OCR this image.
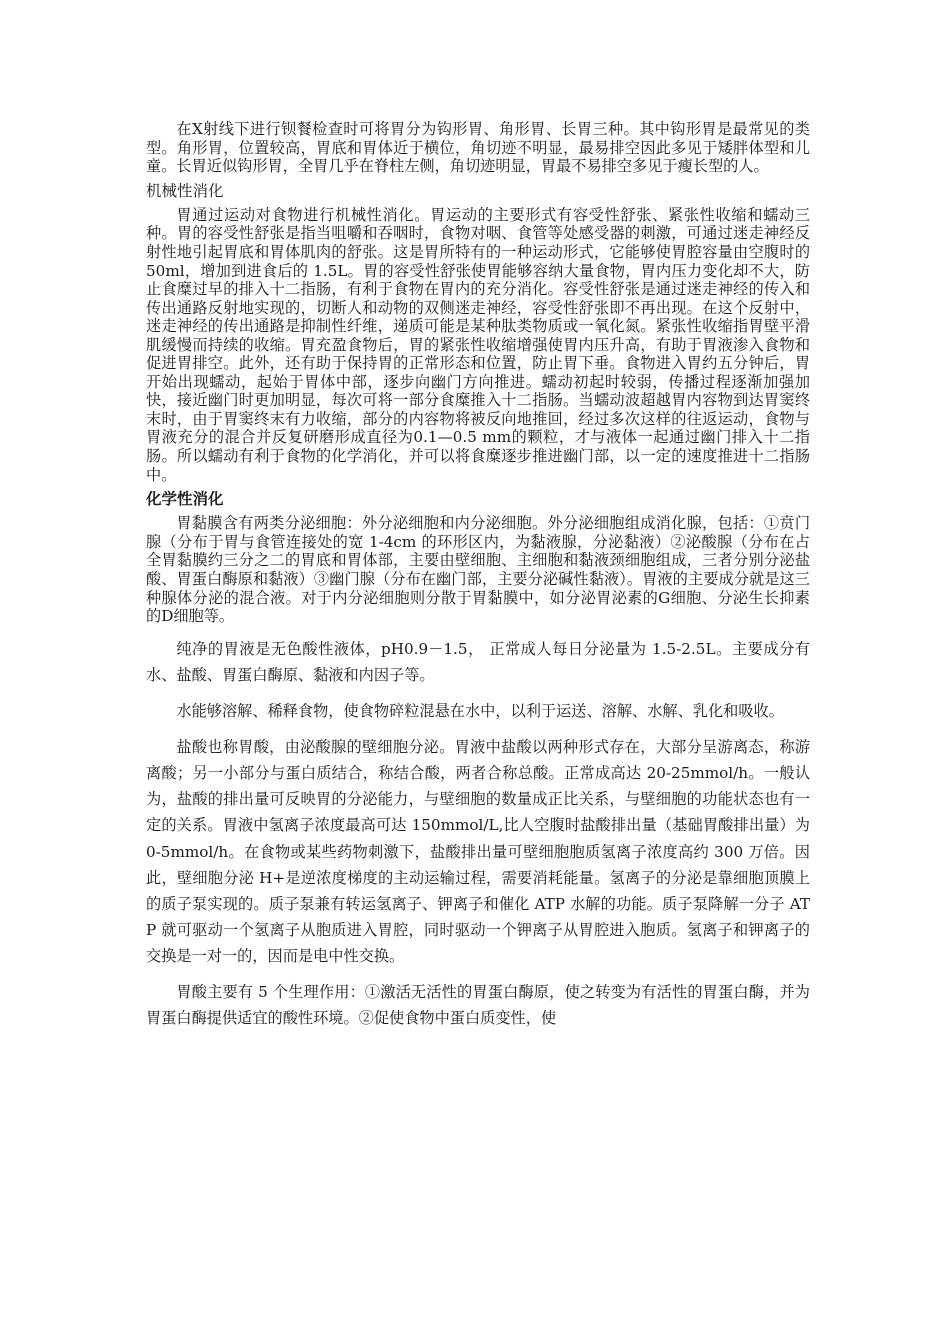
在X射线下进行钡餐检查时可将胃分为钩形胃、角形胃、长胃三种。其中钩形胃是最常见的类型。角形胃，位置较高，胃底和胃体近于横位，角切迹不明显，最易排空因此多见于矮胖体型和儿童。长胃近似钩形胃，全胃几乎在脊柱左侧，角切迹明显，胃最不易排空多见于瘦长型的人。

机械性消化

胃通过运动对食物进行机械性消化。胃运动的主要形式有容受性舒张、紧张性收缩和蠕动三种。胃的容受性舒张是指当咀嚼和吞咽时，食物对咽、食管等处感受器的刺激，可通过迷走神经反射性地引起胃底和胃体肌肉的舒张。这是胃所特有的一种运动形式，它能够使胃腔容量由空腹时的 50ml，增加到进食后的 1.5L。胃的容受性舒张使胃能够容纳大量食物，胃内压力变化却不大，防止食糜过早的排入十二指肠，有利于食物在胃内的充分消化。容受性舒张是通过迷走神经的传入和传出通路反射地实现的，切断人和动物的双侧迷走神经，容受性舒张即不再出现。在这个反射中，迷走神经的传出通路是抑制性纤维，递质可能是某种肽类物质或一氧化氮。紧张性收缩指胃壁平滑肌缓慢而持续的收缩。胃充盈食物后，胃的紧张性收缩增强使胃内压升高，有助于胃液渗入食物和促进胃排空。此外，还有助于保持胃的正常形态和位置，防止胃下垂。食物进入胃约五分钟后，胃开始出现蠕动，起始于胃体中部，逐步向幽门方向推进。蠕动初起时较弱，传播过程逐渐加强加快，接近幽门时更加明显，每次可将一部分食糜推入十二指肠。当蠕动波超越胃内容物到达胃窦终末时，由于胃窦终末有力收缩，部分的内容物将被反向地推回，经过多次这样的往返运动，食物与胃液充分的混合并反复研磨形成直径为0.1—0.5 mm的颗粒，才与液体一起通过幽门排入十二指肠。所以蠕动有利于食物的化学消化，并可以将食糜逐步推进幽门部，以一定的速度推进十二指肠中。

化学性消化

胃黏膜含有两类分泌细胞：外分泌细胞和内分泌细胞。外分泌细胞组成消化腺，包括：①贲门腺（分布于胃与食管连接处的宽 1-4cm 的环形区内，为黏液腺，分泌黏液）②泌酸腺（分布在占全胃黏膜约三分之二的胃底和胃体部，主要由壁细胞、主细胞和黏液颈细胞组成，三者分别分泌盐酸、胃蛋白酶原和黏液）③幽门腺（分布在幽门部，主要分泌碱性黏液）。胃液的主要成分就是这三种腺体分泌的混合液。对于内分泌细胞则分散于胃黏膜中，如分泌胃泌素的G细胞、分泌生长抑素的D细胞等。

纯净的胃液是无色酸性液体，pH0.9－1.5， 正常成人每日分泌量为 1.5-2.5L。主要成分有水、盐酸、胃蛋白酶原、黏液和内因子等。

水能够溶解、稀释食物，使食物碎粒混悬在水中，以利于运送、溶解、水解、乳化和吸收。

盐酸也称胃酸，由泌酸腺的壁细胞分泌。胃液中盐酸以两种形式存在，大部分呈游离态，称游离酸；另一小部分与蛋白质结合，称结合酸，两者合称总酸。正常成高达 20-25mmol/h。一般认为，盐酸的排出量可反映胃的分泌能力，与壁细胞的数量成正比关系，与壁细胞的功能状态也有一定的关系。胃液中氢离子浓度最高可达 150mmol/L,比人空腹时盐酸排出量（基础胃酸排出量）为 0-5mmol/h。在食物或某些药物刺激下，盐酸排出量可壁细胞胞质氢离子浓度高约 300 万倍。因此，壁细胞分泌 H+是逆浓度梯度的主动运输过程，需要消耗能量。氢离子的分泌是靠细胞顶膜上的质子泵实现的。质子泵兼有转运氢离子、钾离子和催化 ATP 水解的功能。质子泵降解一分子 ATP 就可驱动一个氢离子从胞质进入胃腔，同时驱动一个钾离子从胃腔进入胞质。氢离子和钾离子的交换是一对一的，因而是电中性交换。

胃酸主要有 5 个生理作用：①激活无活性的胃蛋白酶原，使之转变为有活性的胃蛋白酶，并为胃蛋白酶提供适宜的酸性环境。②促使食物中蛋白质变性，使
